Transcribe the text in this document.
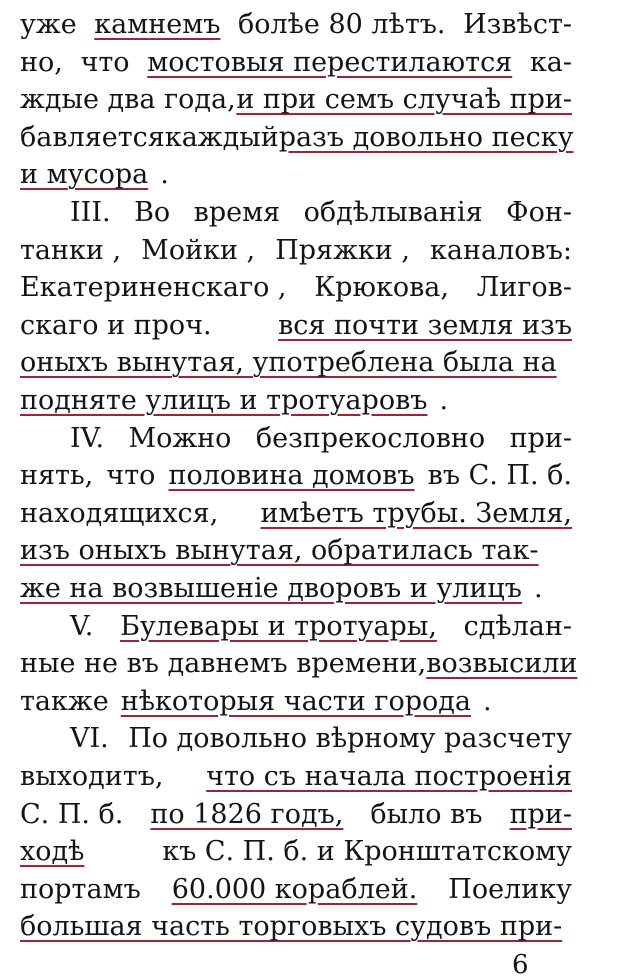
уже камнемъ болѣе 80 лѣтъ. Извѣст-
но, что мостовыя перестилаются ка-
ждые два года, и при семъ случаѣ при-
бавляется каждый разъ довольно песку
и мусора .
III. Во время обдѣлыванія Фон-
танки , Мойки , Пряжки , каналовъ:
Екатериненскаго , Крюкова, Лигов-
скаго и проч. вся почти земля изъ
оныхъ вынутая, употреблена была на
подняте улицъ и тротуаровъ .
IV. Можно безпрекословно при-
нять, что половина домовъ въ С. П. б.
находящихся, имѣетъ трубы. Земля,
изъ оныхъ вынутая, обратилась так-
же на возвышенiе дворовъ и улицъ .
V. Булевары и тротуары, сдѣлан-
ные не въ давнемъ времени, возвысили
также нѣкоторыя части города .
VI. По довольно вѣрному разсчету
выходитъ, что съ начала построенiя
С. П. б. по 1826 годъ, было въ при-
ходѣ	къ С. П. б. и Кронштатскому
портамъ 60.000 кораблей. Поелику
большая часть торговыхъ судовъ при-
6
